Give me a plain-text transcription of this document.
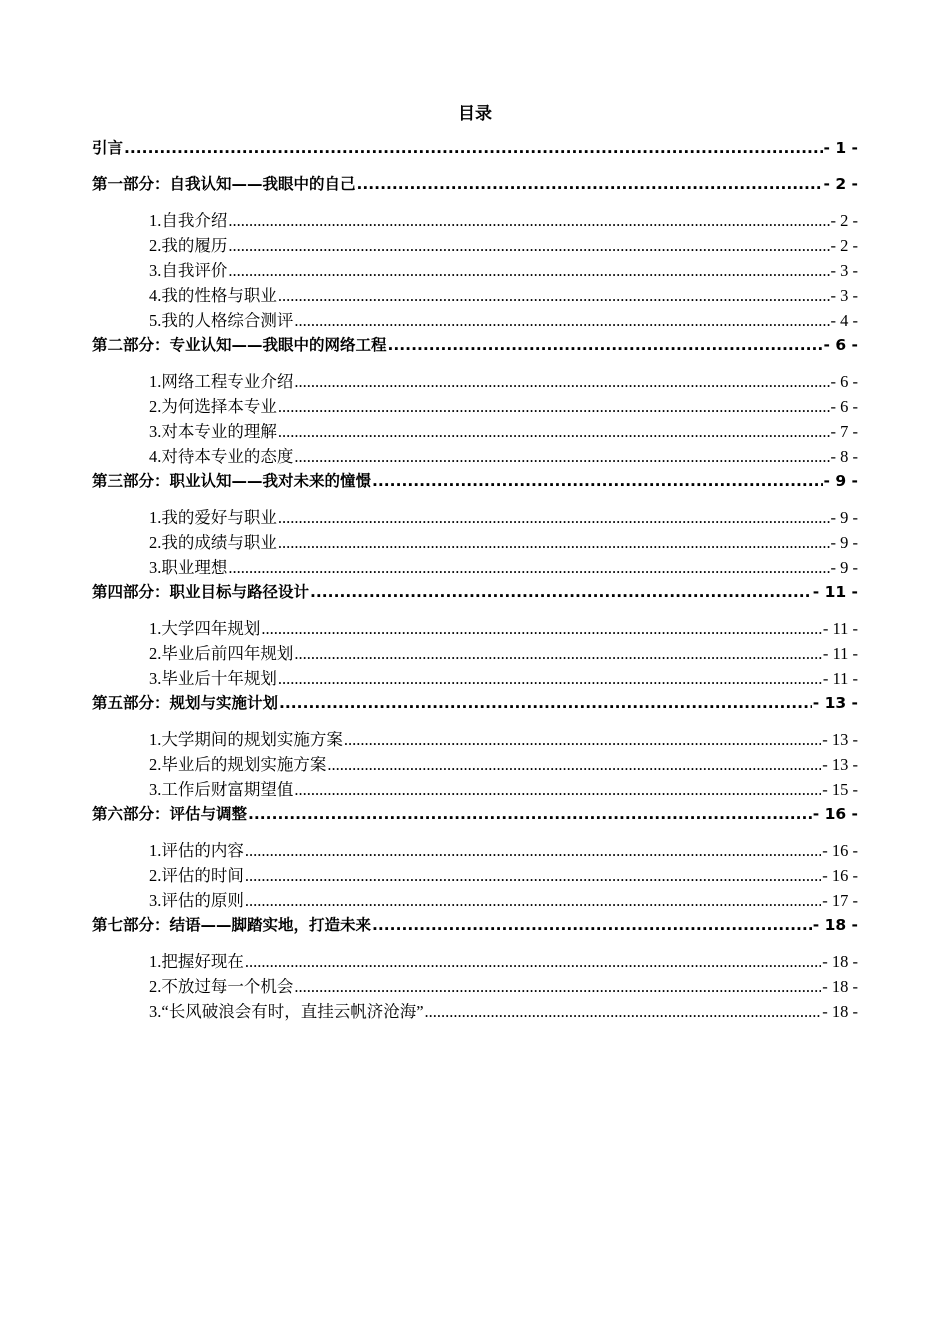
目录
引言 .....	- 1 -
第一部分：自我认知——我眼中的自己 .....	- 2 -
1.自我介绍 .....	- 2 -
2.我的履历 .....	- 2 -
3.自我评价 .....	- 3 -
4.我的性格与职业 .....	- 3 -
5.我的人格综合测评 .....	- 4 -
第二部分：专业认知——我眼中的网络工程 .....	- 6 -
1.网络工程专业介绍 .....	- 6 -
2.为何选择本专业 .....	- 6 -
3.对本专业的理解 .....	- 7 -
4.对待本专业的态度 .....	- 8 -
第三部分：职业认知——我对未来的憧憬 .....	- 9 -
1.我的爱好与职业 .....	- 9 -
2.我的成绩与职业 .....	- 9 -
3.职业理想 .....	- 9 -
第四部分：职业目标与路径设计 .....	- 11 -
1.大学四年规划 .....	- 11 -
2.毕业后前四年规划 .....	- 11 -
3.毕业后十年规划 .....	- 11 -
第五部分：规划与实施计划 .....	- 13 -
1.大学期间的规划实施方案 .....	- 13 -
2.毕业后的规划实施方案 .....	- 13 -
3.工作后财富期望值 .....	- 15 -
第六部分：评估与调整 .....	- 16 -
1.评估的内容 .....	- 16 -
2.评估的时间 .....	- 16 -
3.评估的原则 .....	- 17 -
第七部分：结语——脚踏实地，打造未来 .....	- 18 -
1.把握好现在 .....	- 18 -
2.不放过每一个机会 .....	- 18 -
3.“长风破浪会有时，直挂云帆济沧海” .....	- 18 -
